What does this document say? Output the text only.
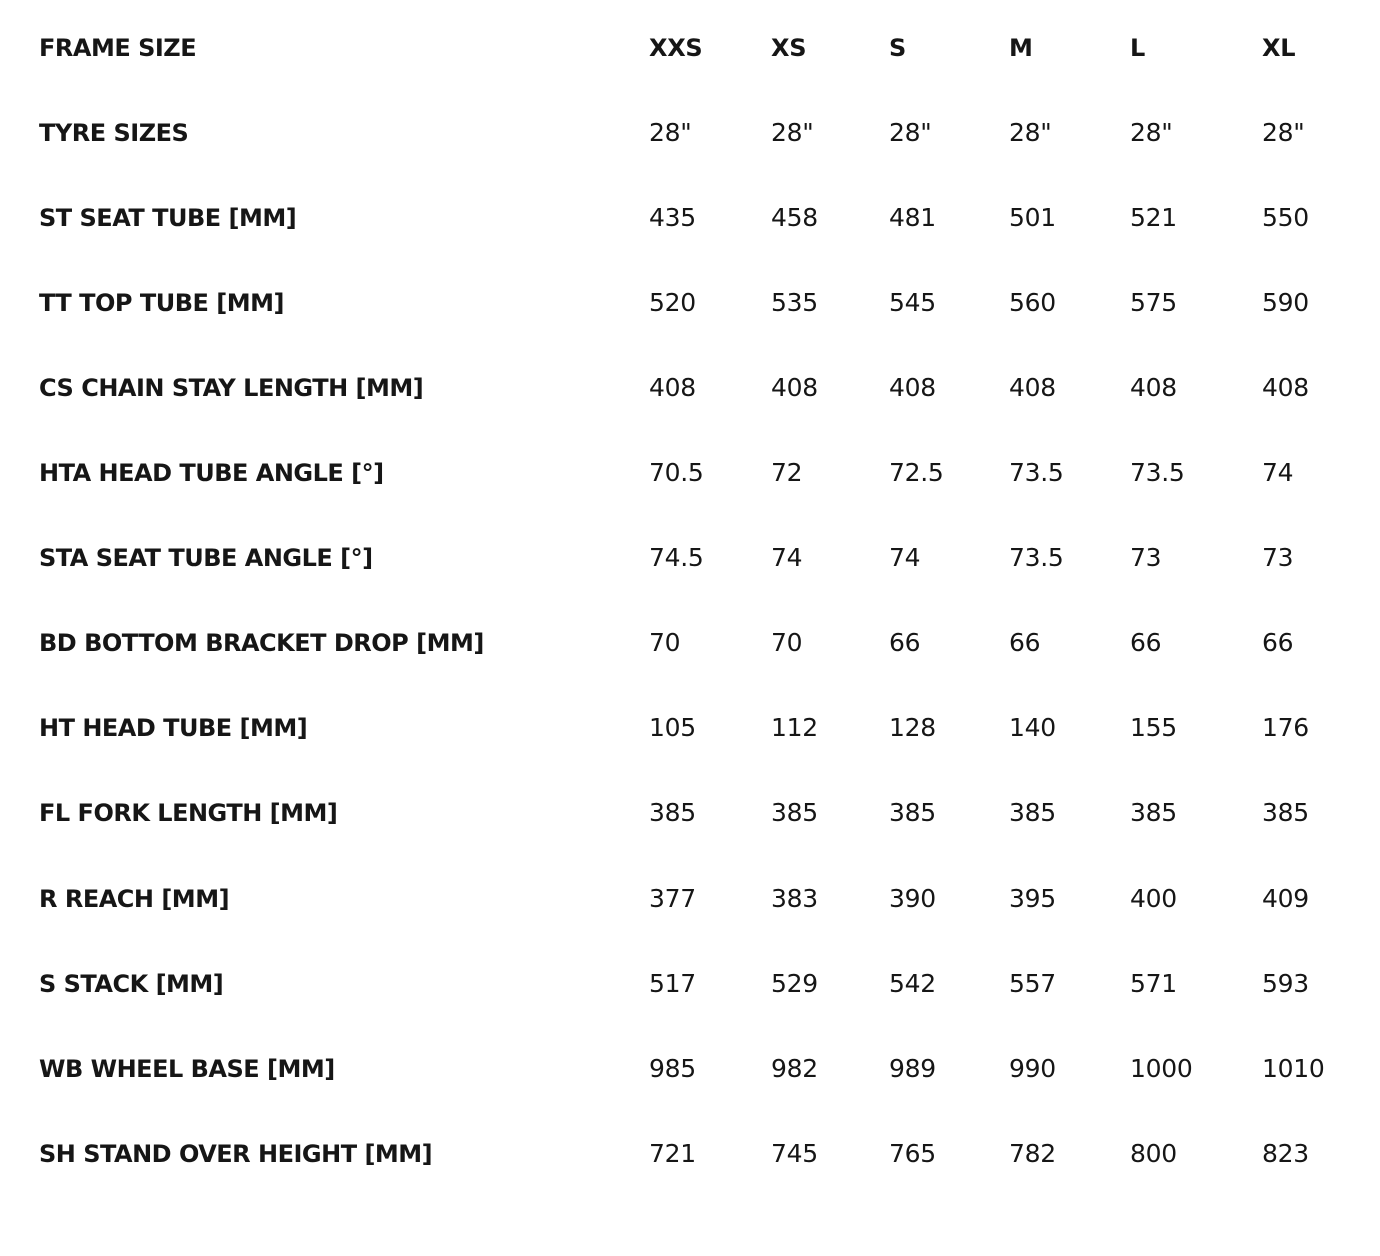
FRAME SIZE	XXS	XS	S	M	L	XL
TYRE SIZES	28"	28"	28"	28"	28"	28"
ST SEAT TUBE [MM]	435	458	481	501	521	550
TT TOP TUBE [MM]	520	535	545	560	575	590
CS CHAIN STAY LENGTH [MM]	408	408	408	408	408	408
HTA HEAD TUBE ANGLE [°]	70.5	72	72.5	73.5	73.5	74
STA SEAT TUBE ANGLE [°]	74.5	74	74	73.5	73	73
BD BOTTOM BRACKET DROP [MM]	70	70	66	66	66	66
HT HEAD TUBE [MM]	105	112	128	140	155	176
FL FORK LENGTH [MM]	385	385	385	385	385	385
R REACH [MM]	377	383	390	395	400	409
S STACK [MM]	517	529	542	557	571	593
WB WHEEL BASE [MM]	985	982	989	990	1000	1010
SH STAND OVER HEIGHT [MM]	721	745	765	782	800	823
